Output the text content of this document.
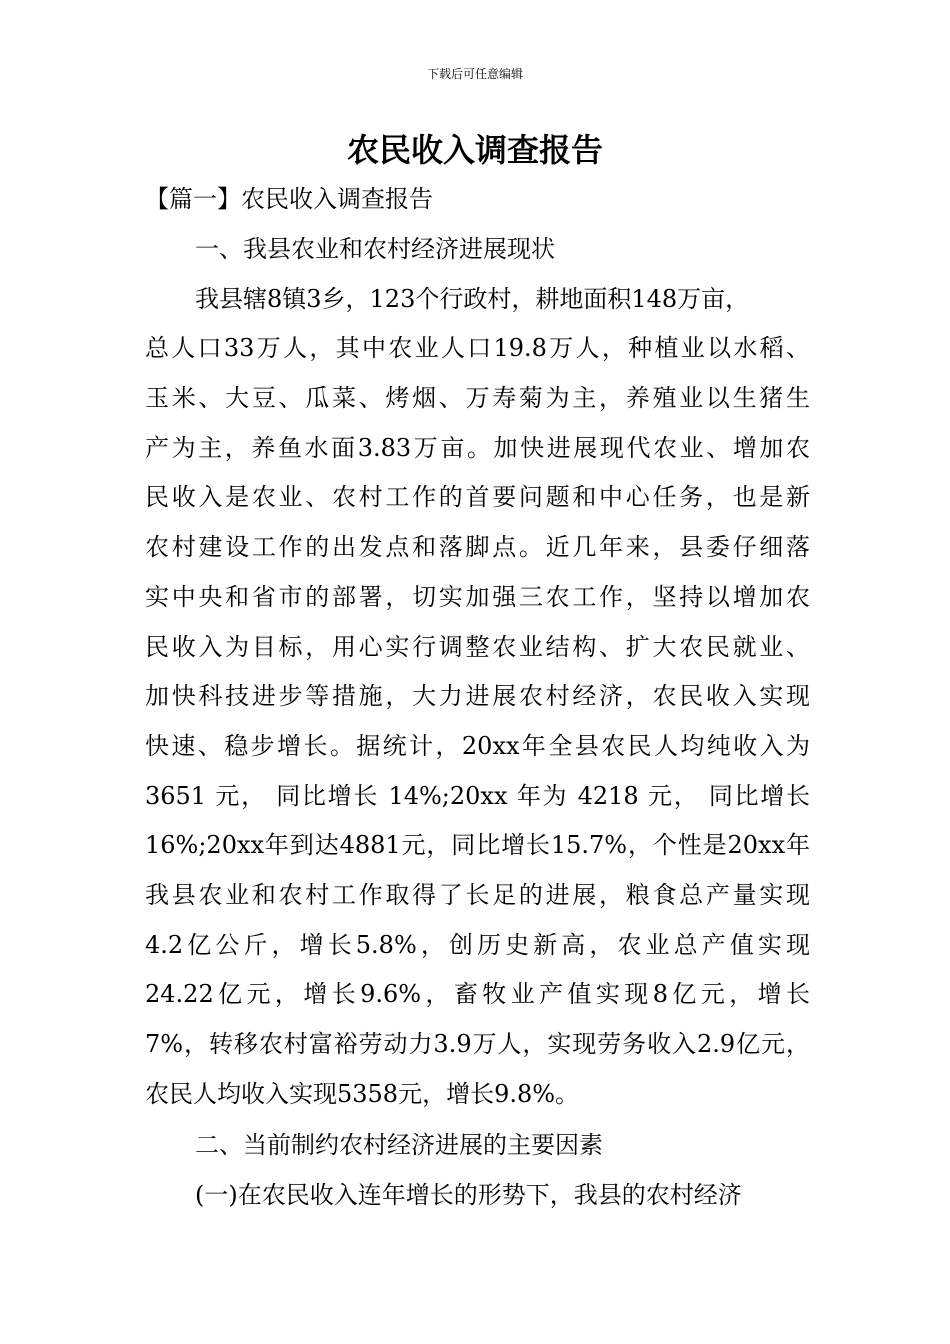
下载后可任意编辑
农民收入调查报告
【篇一】农民收入调查报告
一、我县农业和农村经济进展现状
我县辖8镇3乡，123个行政村，耕地面积148万亩，
总人口33万人，其中农业人口19.8万人，种植业以水稻、
玉米、大豆、瓜菜、烤烟、万寿菊为主，养殖业以生猪生
产为主，养鱼水面3.83万亩。加快进展现代农业、增加农
民收入是农业、农村工作的首要问题和中心任务，也是新
农村建设工作的出发点和落脚点。近几年来，县委仔细落
实中央和省市的部署，切实加强三农工作，坚持以增加农
民收入为目标，用心实行调整农业结构、扩大农民就业、
加快科技进步等措施，大力进展农村经济，农民收入实现
快速、稳步增长。据统计，20xx年全县农民人均纯收入为
3651 元， 同比增长 14%;20xx 年为 4218 元， 同比增长
16%;20xx年到达4881元，同比增长15.7%，个性是20xx年
我县农业和农村工作取得了长足的进展，粮食总产量实现
4.2亿公斤，增长5.8%，创历史新高，农业总产值实现
24.22亿元，增长9.6%，畜牧业产值实现8亿元，增长
7%，转移农村富裕劳动力3.9万人，实现劳务收入2.9亿元，
农民人均收入实现5358元，增长9.8%。
二、当前制约农村经济进展的主要因素
(一)在农民收入连年增长的形势下，我县的农村经济
